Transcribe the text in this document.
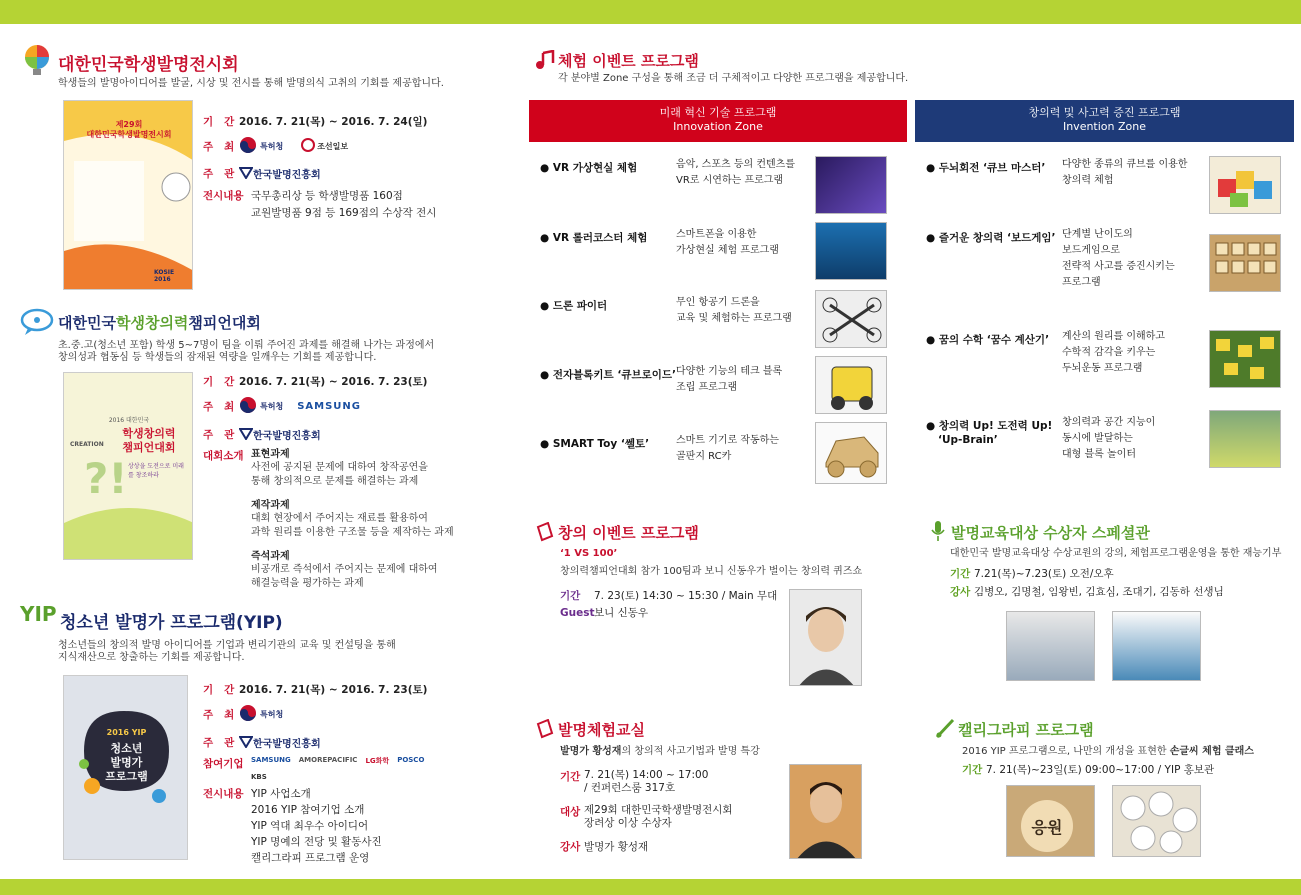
대한민국학생발명전시회
학생들의 발명아이디어를 발굴, 시상 및 전시를 통해 발명의식 고취의 기회를 제공합니다.
제29회
대한민국학생발명전시회
KOSIE 2016
기   간 2016. 7. 21(목) ~ 2016. 7. 24(일)
주   최	특허청	조선일보
주   관	한국발명진흥회
전시내용 국무총리상 등 학생발명품 160점
교원발명품 9점 등 169점의 수상작 전시
대한민국 학생창의력 챔피언대회
초.중.고(청소년 포함) 학생 5~7명이 팀을 이뤄 주어진 과제를 해결해 나가는 과정에서
창의성과 협동심 등 학생들의 잠재된 역량을 일깨우는 기회를 제공합니다.
?!
2016 대한민국
학생창의력
챔피언대회
CREATION
상상을 도전으로 미래를 창조하라
기   간 2016. 7. 21(목) ~ 2016. 7. 23(토)
주   최	특허청 SAMSUNG
주   관	한국발명진흥회
대회소개 표현과제
사전에 공지된 문제에 대하여 창작공연을
통해 창의적으로 문제를 해결하는 과제
제작과제
대회 현장에서 주어지는 재료를 활용하여
과학 원리를 이용한 구조물 등을 제작하는 과제
즉석과제
비공개로 즉석에서 주어지는 문제에 대하여
해결능력을 평가하는 과제
YIP 청소년 발명가 프로그램(YIP)
청소년들의 창의적 발명 아이디어를 기업과 변리기관의 교육 및 컨설팅을 통해
지식재산으로 창출하는 기회를 제공합니다.
2016 YIP
청소년
발명가
프로그램
기   간 2016. 7. 21(목) ~ 2016. 7. 23(토)
주   최	특허청
주   관	한국발명진흥회
참여기업	SAMSUNG AMOREPACIFIC LG화학 POSCO
KBS
전시내용 YIP 사업소개
2016 YIP 참여기업 소개
YIP 역대 최우수 아이디어
YIP 명예의 전당 및 활동사진
캘리그라피 프로그램 운영
체험 이벤트 프로그램
각 분야별 Zone 구성을 통해 조금 더 구체적이고 다양한 프로그램을 제공합니다.
미래 혁신 기술 프로그램
Innovation Zone
창의력 및 사고력 증진 프로그램
Invention Zone
● VR 가상현실 체험	음악, 스포츠 등의 컨텐츠를
VR로 시연하는 프로그램
● VR 롤러코스터 체험	스마트폰을 이용한
가상현실 체험 프로그램
● 드론 파이터	무인 항공기 드론을
교육 및 체험하는 프로그램
● 전자블록키트 ‘큐브로이드’ 다양한 기능의 테크 블록
조립 프로그램
● SMART Toy ‘쎌토’	스마트 기기로 작동하는
골판지 RC카
● 두뇌회전 ‘큐브 마스터’ 다양한 종류의 큐브를 이용한
창의력 체험
● 즐거운 창의력 ‘보드게임’ 단계별 난이도의
보드게임으로
전략적 사고를 증진시키는
프로그램
● 꿈의 수학 ‘꿈수 계산기’ 계산의 원리를 이해하고
수학적 감각을 키우는
두뇌운동 프로그램
● 창의력 Up! 도전력 Up!
‘Up-Brain’
창의력과 공간 지능이
동시에 발달하는
대형 블록 놀이터
창의 이벤트 프로그램
‘1 VS 100’
창의력챔피언대회 참가 100팀과 보니 신동우가 벌이는 창의력 퀴즈쇼
기간	7. 23(토) 14:30 ~ 15:30 / Main 무대
Guest 보니 신동우
발명체험교실
발명가 황성재의 창의적 사고기법과 발명 특강
기간 7. 21(목) 14:00 ~ 17:00
/ 컨퍼런스룸 317호
대상 제29회 대한민국학생발명전시회
장려상 이상 수상자
강사 발명가 황성재
발명교육대상 수상자 스페셜관
대한민국 발명교육대상 수상교원의 강의, 체험프로그램운영을 통한 재능기부
기간 7.21(목)~7.23(토) 오전/오후
강사 김병오, 김명철, 임왕빈, 김효심, 조대기, 김동하 선생님
캘리그라피 프로그램
2016 YIP 프로그램으로, 나만의 개성을 표현한 손글씨 체험 클래스
기간 7. 21(목)~23일(토) 09:00~17:00 / YIP 홍보관
응원
